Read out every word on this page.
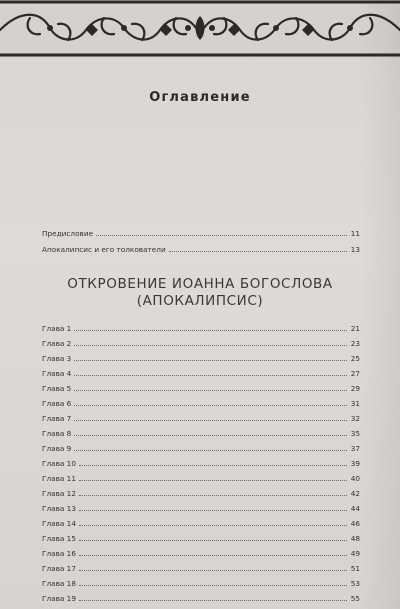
Оглавление
Предисловие	11
Апокалипсис и его толкователи	13
ОТКРОВЕНИЕ ИОАННА БОГОСЛОВА
(АПОКАЛИПСИС)
Глава 1	21
Глава 2	23
Глава 3	25
Глава 4	27
Глава 5	29
Глава 6	31
Глава 7	32
Глава 8	35
Глава 9	37
Глава 10	39
Глава 11	40
Глава 12	42
Глава 13	44
Глава 14	46
Глава 15	48
Глава 16	49
Глава 17	51
Глава 18	53
Глава 19	55
